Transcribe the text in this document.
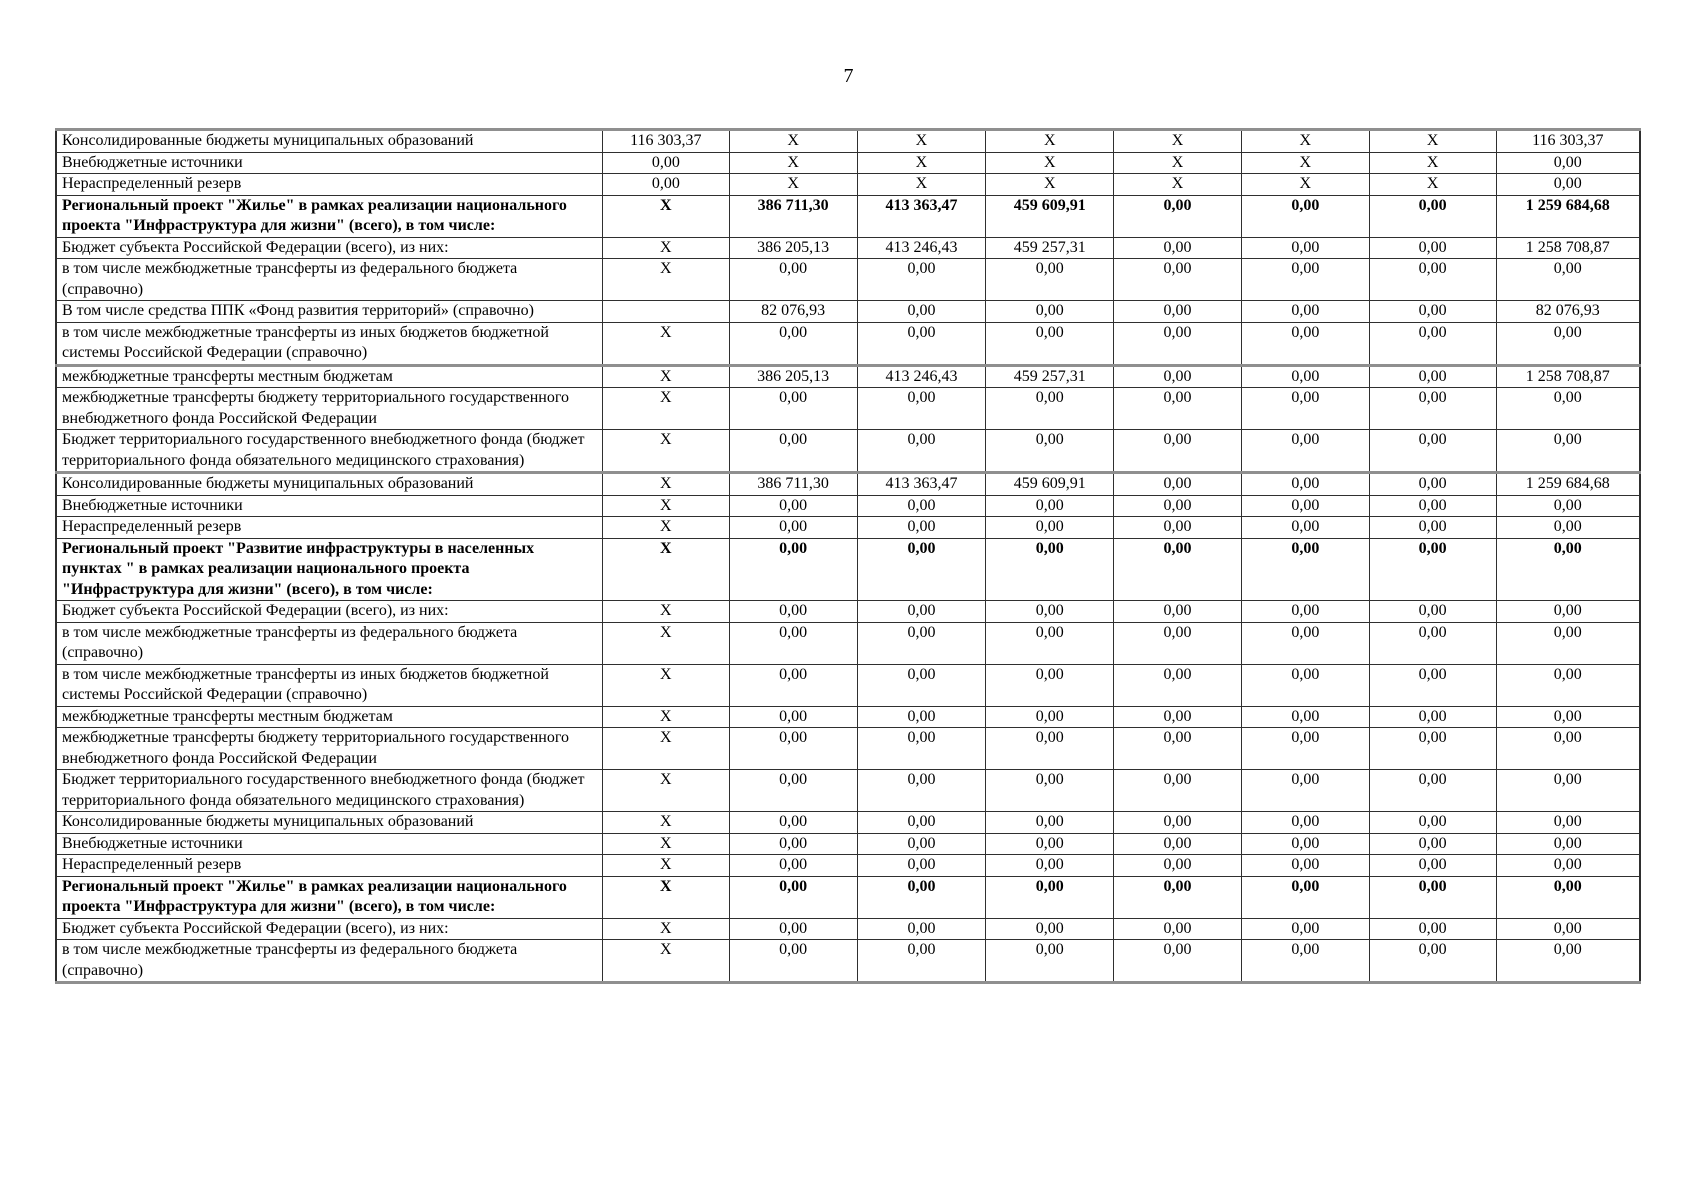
7
Консолидированные бюджеты муниципальных образований	116 303,37	Х	Х	Х	Х	Х	Х	116 303,37
Внебюджетные источники	0,00	Х	Х	Х	Х	Х	Х	0,00
Нераспределенный резерв	0,00	Х	Х	Х	Х	Х	Х	0,00
Региональный проект "Жилье" в рамках реализации национального проекта "Инфраструктура для жизни" (всего), в том числе:	Х	386 711,30	413 363,47	459 609,91	0,00	0,00	0,00	1 259 684,68
Бюджет субъекта Российской Федерации (всего), из них:	Х	386 205,13	413 246,43	459 257,31	0,00	0,00	0,00	1 258 708,87
в том числе межбюджетные трансферты из федерального бюджета (справочно)	Х	0,00	0,00	0,00	0,00	0,00	0,00	0,00
В том числе средства ППК «Фонд развития территорий» (справочно)		82 076,93	0,00	0,00	0,00	0,00	0,00	82 076,93
в том числе межбюджетные трансферты из иных бюджетов бюджетной системы Российской Федерации (справочно)	Х	0,00	0,00	0,00	0,00	0,00	0,00	0,00
межбюджетные трансферты местным бюджетам	Х	386 205,13	413 246,43	459 257,31	0,00	0,00	0,00	1 258 708,87
межбюджетные трансферты бюджету территориального государственного внебюджетного фонда Российской Федерации	Х	0,00	0,00	0,00	0,00	0,00	0,00	0,00
Бюджет территориального государственного внебюджетного фонда (бюджет территориального фонда обязательного медицинского страхования)	Х	0,00	0,00	0,00	0,00	0,00	0,00	0,00
Консолидированные бюджеты муниципальных образований	Х	386 711,30	413 363,47	459 609,91	0,00	0,00	0,00	1 259 684,68
Внебюджетные источники	Х	0,00	0,00	0,00	0,00	0,00	0,00	0,00
Нераспределенный резерв	Х	0,00	0,00	0,00	0,00	0,00	0,00	0,00
Региональный проект "Развитие инфраструктуры в населенных пунктах " в рамках реализации национального проекта "Инфраструктура для жизни" (всего), в том числе:	Х	0,00	0,00	0,00	0,00	0,00	0,00	0,00
Бюджет субъекта Российской Федерации (всего), из них:	Х	0,00	0,00	0,00	0,00	0,00	0,00	0,00
в том числе межбюджетные трансферты из федерального бюджета (справочно)	Х	0,00	0,00	0,00	0,00	0,00	0,00	0,00
в том числе межбюджетные трансферты из иных бюджетов бюджетной системы Российской Федерации (справочно)	Х	0,00	0,00	0,00	0,00	0,00	0,00	0,00
межбюджетные трансферты местным бюджетам	Х	0,00	0,00	0,00	0,00	0,00	0,00	0,00
межбюджетные трансферты бюджету территориального государственного внебюджетного фонда Российской Федерации	Х	0,00	0,00	0,00	0,00	0,00	0,00	0,00
Бюджет территориального государственного внебюджетного фонда (бюджет территориального фонда обязательного медицинского страхования)	Х	0,00	0,00	0,00	0,00	0,00	0,00	0,00
Консолидированные бюджеты муниципальных образований	Х	0,00	0,00	0,00	0,00	0,00	0,00	0,00
Внебюджетные источники	Х	0,00	0,00	0,00	0,00	0,00	0,00	0,00
Нераспределенный резерв	Х	0,00	0,00	0,00	0,00	0,00	0,00	0,00
Региональный проект "Жилье" в рамках реализации национального проекта "Инфраструктура для жизни" (всего), в том числе:	Х	0,00	0,00	0,00	0,00	0,00	0,00	0,00
Бюджет субъекта Российской Федерации (всего), из них:	Х	0,00	0,00	0,00	0,00	0,00	0,00	0,00
в том числе межбюджетные трансферты из федерального бюджета (справочно)	Х	0,00	0,00	0,00	0,00	0,00	0,00	0,00
